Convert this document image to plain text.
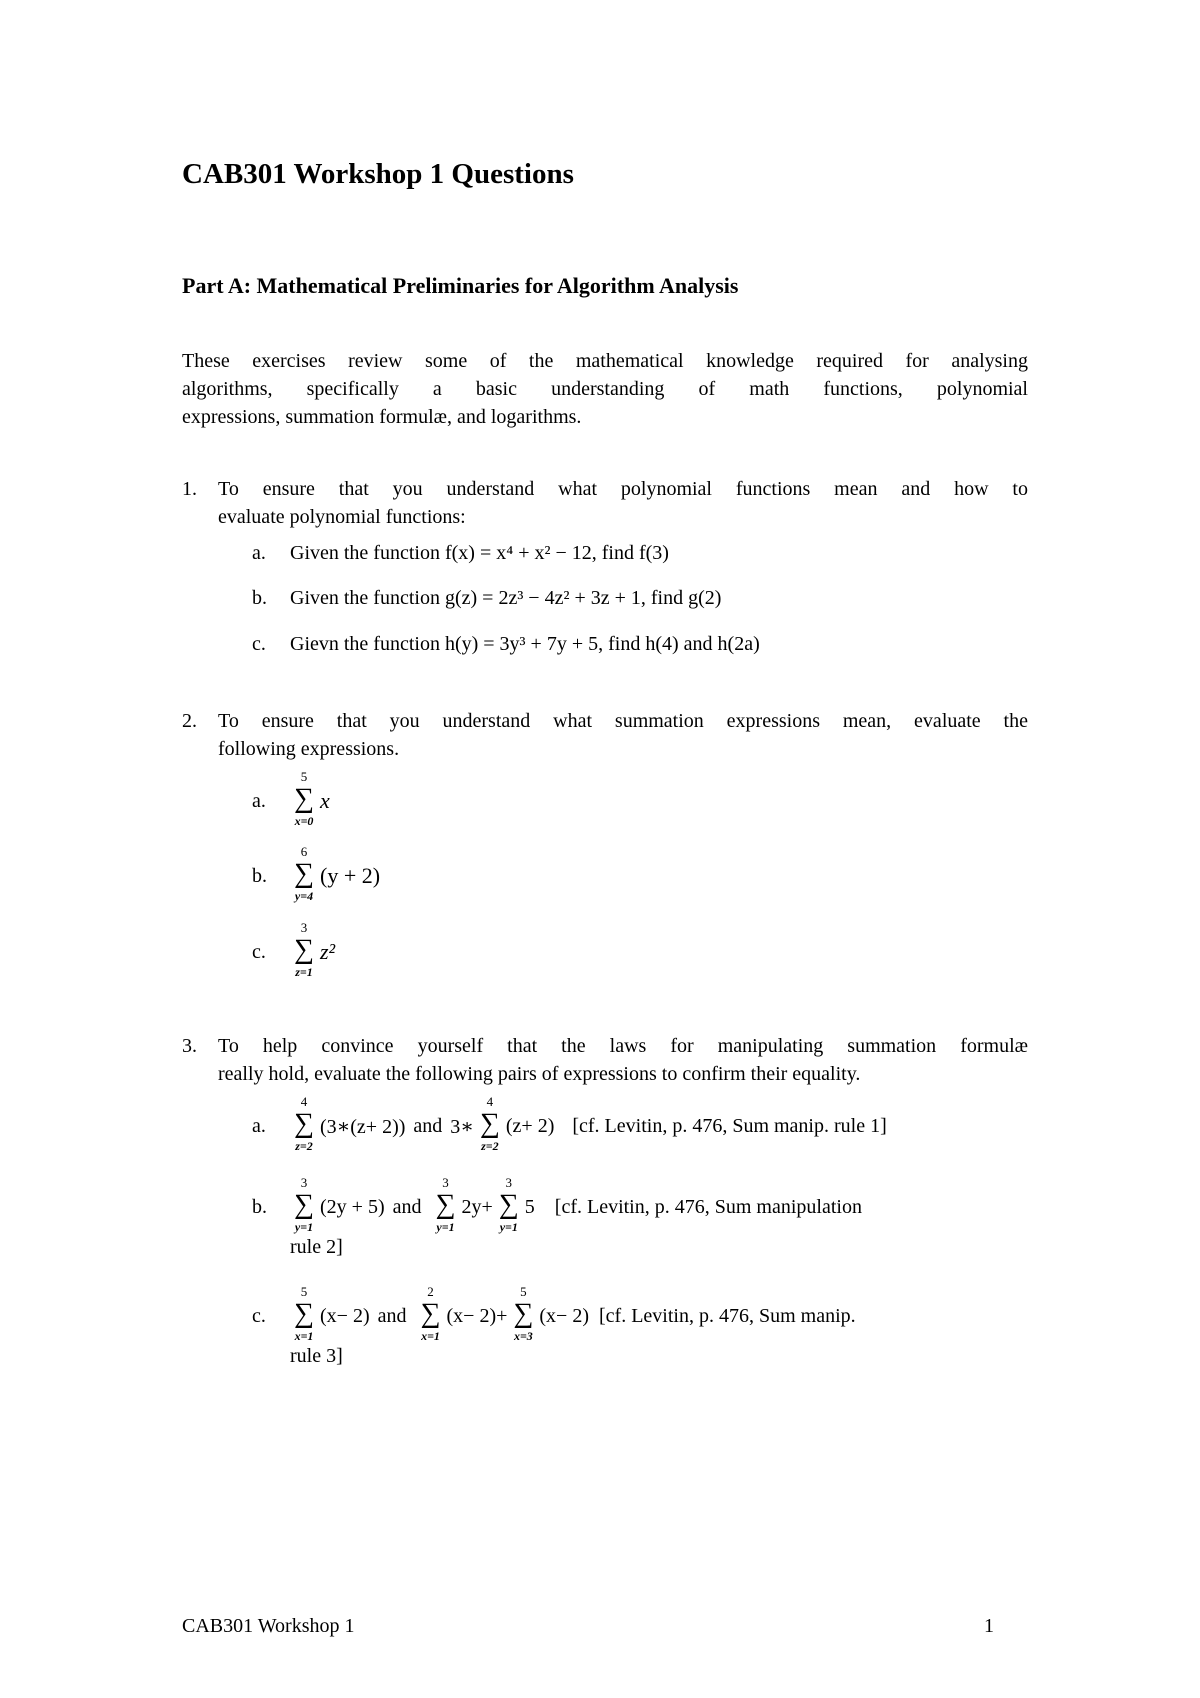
CAB301 Workshop 1 Questions
Part A: Mathematical Preliminaries for Algorithm Analysis
These exercises review some of the mathematical knowledge required for analysing
algorithms, specifically a basic understanding of math functions, polynomial
expressions, summation formulæ, and logarithms.
1. To ensure that you understand what polynomial functions mean and how to
evaluate polynomial functions:
a. Given the function f(x) = x⁴ + x² − 12, find f(3)
b. Given the function g(z) = 2z³ − 4z² + 3z + 1, find g(2)
c. Gievn the function h(y) = 3y³ + 7y + 5, find h(4) and h(2a)
2. To ensure that you understand what summation expressions mean, evaluate the
following expressions.
a.
5
∑
x=0
x
b.
6
∑
y=4
(y + 2)
c.
3
∑
z=1
z²
3. To help convince yourself that the laws for manipulating summation formulæ
really hold, evaluate the following pairs of expressions to confirm their equality.
a.
4
∑
z=2
(3∗(z+ 2)) and 3∗
4
∑
z=2
(z+ 2) [cf. Levitin, p. 476, Sum manip. rule 1]
b.
3
∑
y=1
(2y + 5) and
3
∑
y=1
2y+
3
∑
y=1
5 [cf. Levitin, p. 476, Sum manipulation
rule 2]
c.
5
∑
x=1
(x− 2) and
2
∑
x=1
(x− 2)+
5
∑
x=3
(x− 2) [cf. Levitin, p. 476, Sum manip.
rule 3]
CAB301 Workshop 1	1
